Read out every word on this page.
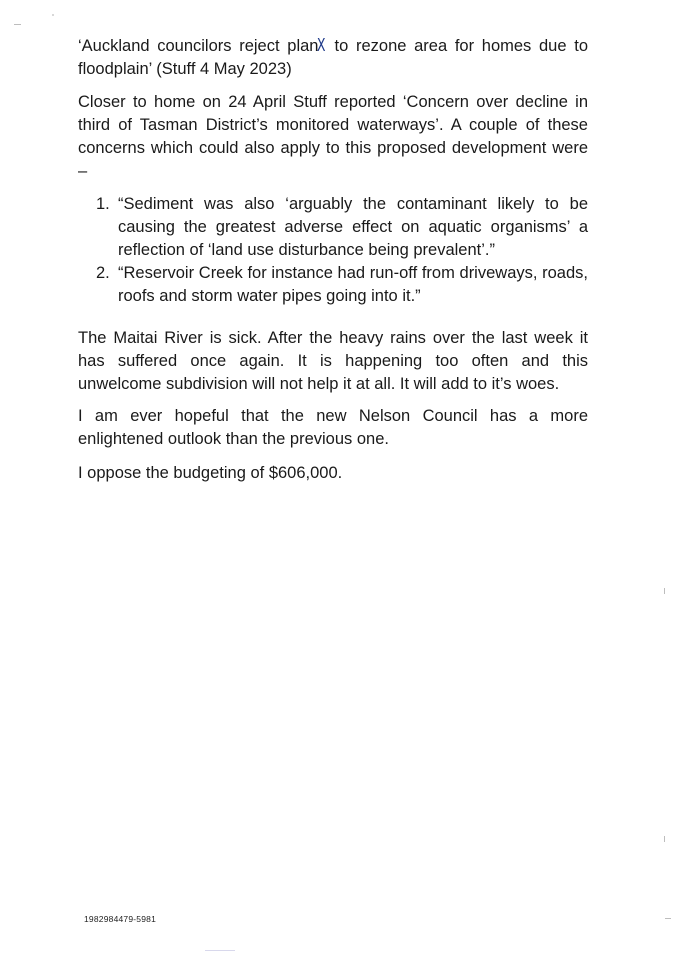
‘Auckland councilors reject planX to rezone area for homes due to floodplain’ (Stuff 4 May 2023)

Closer to home on 24 April Stuff reported ‘Concern over decline in third of Tasman District’s monitored waterways’. A couple of these concerns which could also apply to this proposed development were –

1. “Sediment was also ‘arguably the contaminant likely to be causing the greatest adverse effect on aquatic organisms’ a reflection of ‘land use disturbance being prevalent’.”
2. “Reservoir Creek for instance had run-off from driveways, roads, roofs and storm water pipes going into it.”

The Maitai River is sick. After the heavy rains over the last week it has suffered once again. It is happening too often and this unwelcome subdivision will not help it at all. It will add to it’s woes.

I am ever hopeful that the new Nelson Council has a more enlightened outlook than the previous one.

I oppose the budgeting of $606,000.

1982984479-5981
